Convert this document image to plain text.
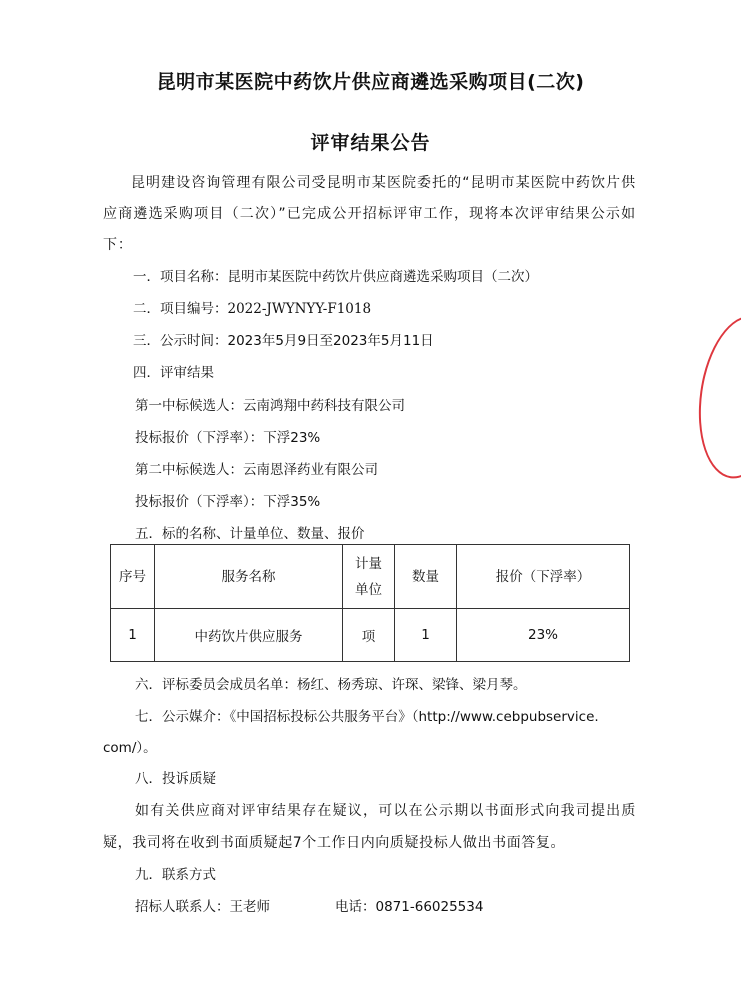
昆明市某医院中药饮片供应商遴选采购项目(二次)
评审结果公告
昆明建设咨询管理有限公司受昆明市某医院委托的“昆明市某医院中药饮片供应商遴选采购项目（二次）”已完成公开招标评审工作，现将本次评审结果公示如下：
一．项目名称：昆明市某医院中药饮片供应商遴选采购项目（二次）
二．项目编号：2022-JWYNYY-F1018
三．公示时间：2023年5月9日至2023年5月11日
四．评审结果
第一中标候选人：云南鸿翔中药科技有限公司
投标报价（下浮率）：下浮23%
第二中标候选人：云南恩泽药业有限公司
投标报价（下浮率）：下浮35%
五．标的名称、计量单位、数量、报价
序号	服务名称	计量单位	数量	报价（下浮率）
1	中药饮片供应服务	项	1	23%
六．评标委员会成员名单：杨红、杨秀琼、许琛、梁锋、梁月琴。
七．公示媒介：《中国招标投标公共服务平台》（http://www.cebpubservice.
com/）。
八．投诉质疑
如有关供应商对评审结果存在疑议，可以在公示期以书面形式向我司提出质疑，我司将在收到书面质疑起7个工作日内向质疑投标人做出书面答复。
九．联系方式
招标人联系人：王老师	电话：0871-66025534
